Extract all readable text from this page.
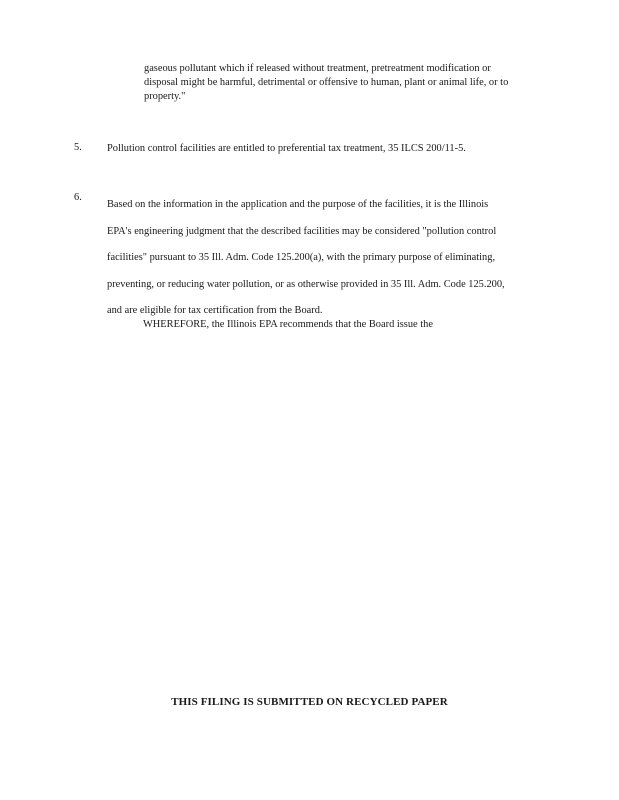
gaseous pollutant which if released without treatment, pretreatment modification or
disposal might be harmful, detrimental or offensive to human, plant or animal life, or to
property."
5.	Pollution control facilities are entitled to preferential tax treatment, 35 ILCS 200/11-5.
6.
Based on the information in the application and the purpose of the facilities, it is the Illinois
EPA's engineering judgment that the described facilities may be considered "pollution control
facilities" pursuant to 35 Ill. Adm. Code 125.200(a), with the primary purpose of eliminating,
preventing, or reducing water pollution, or as otherwise provided in 35 Ill. Adm. Code 125.200,
and are eligible for tax certification from the Board.
WHEREFORE, the Illinois EPA recommends that the Board issue the
THIS FILING IS SUBMITTED ON RECYCLED PAPER
